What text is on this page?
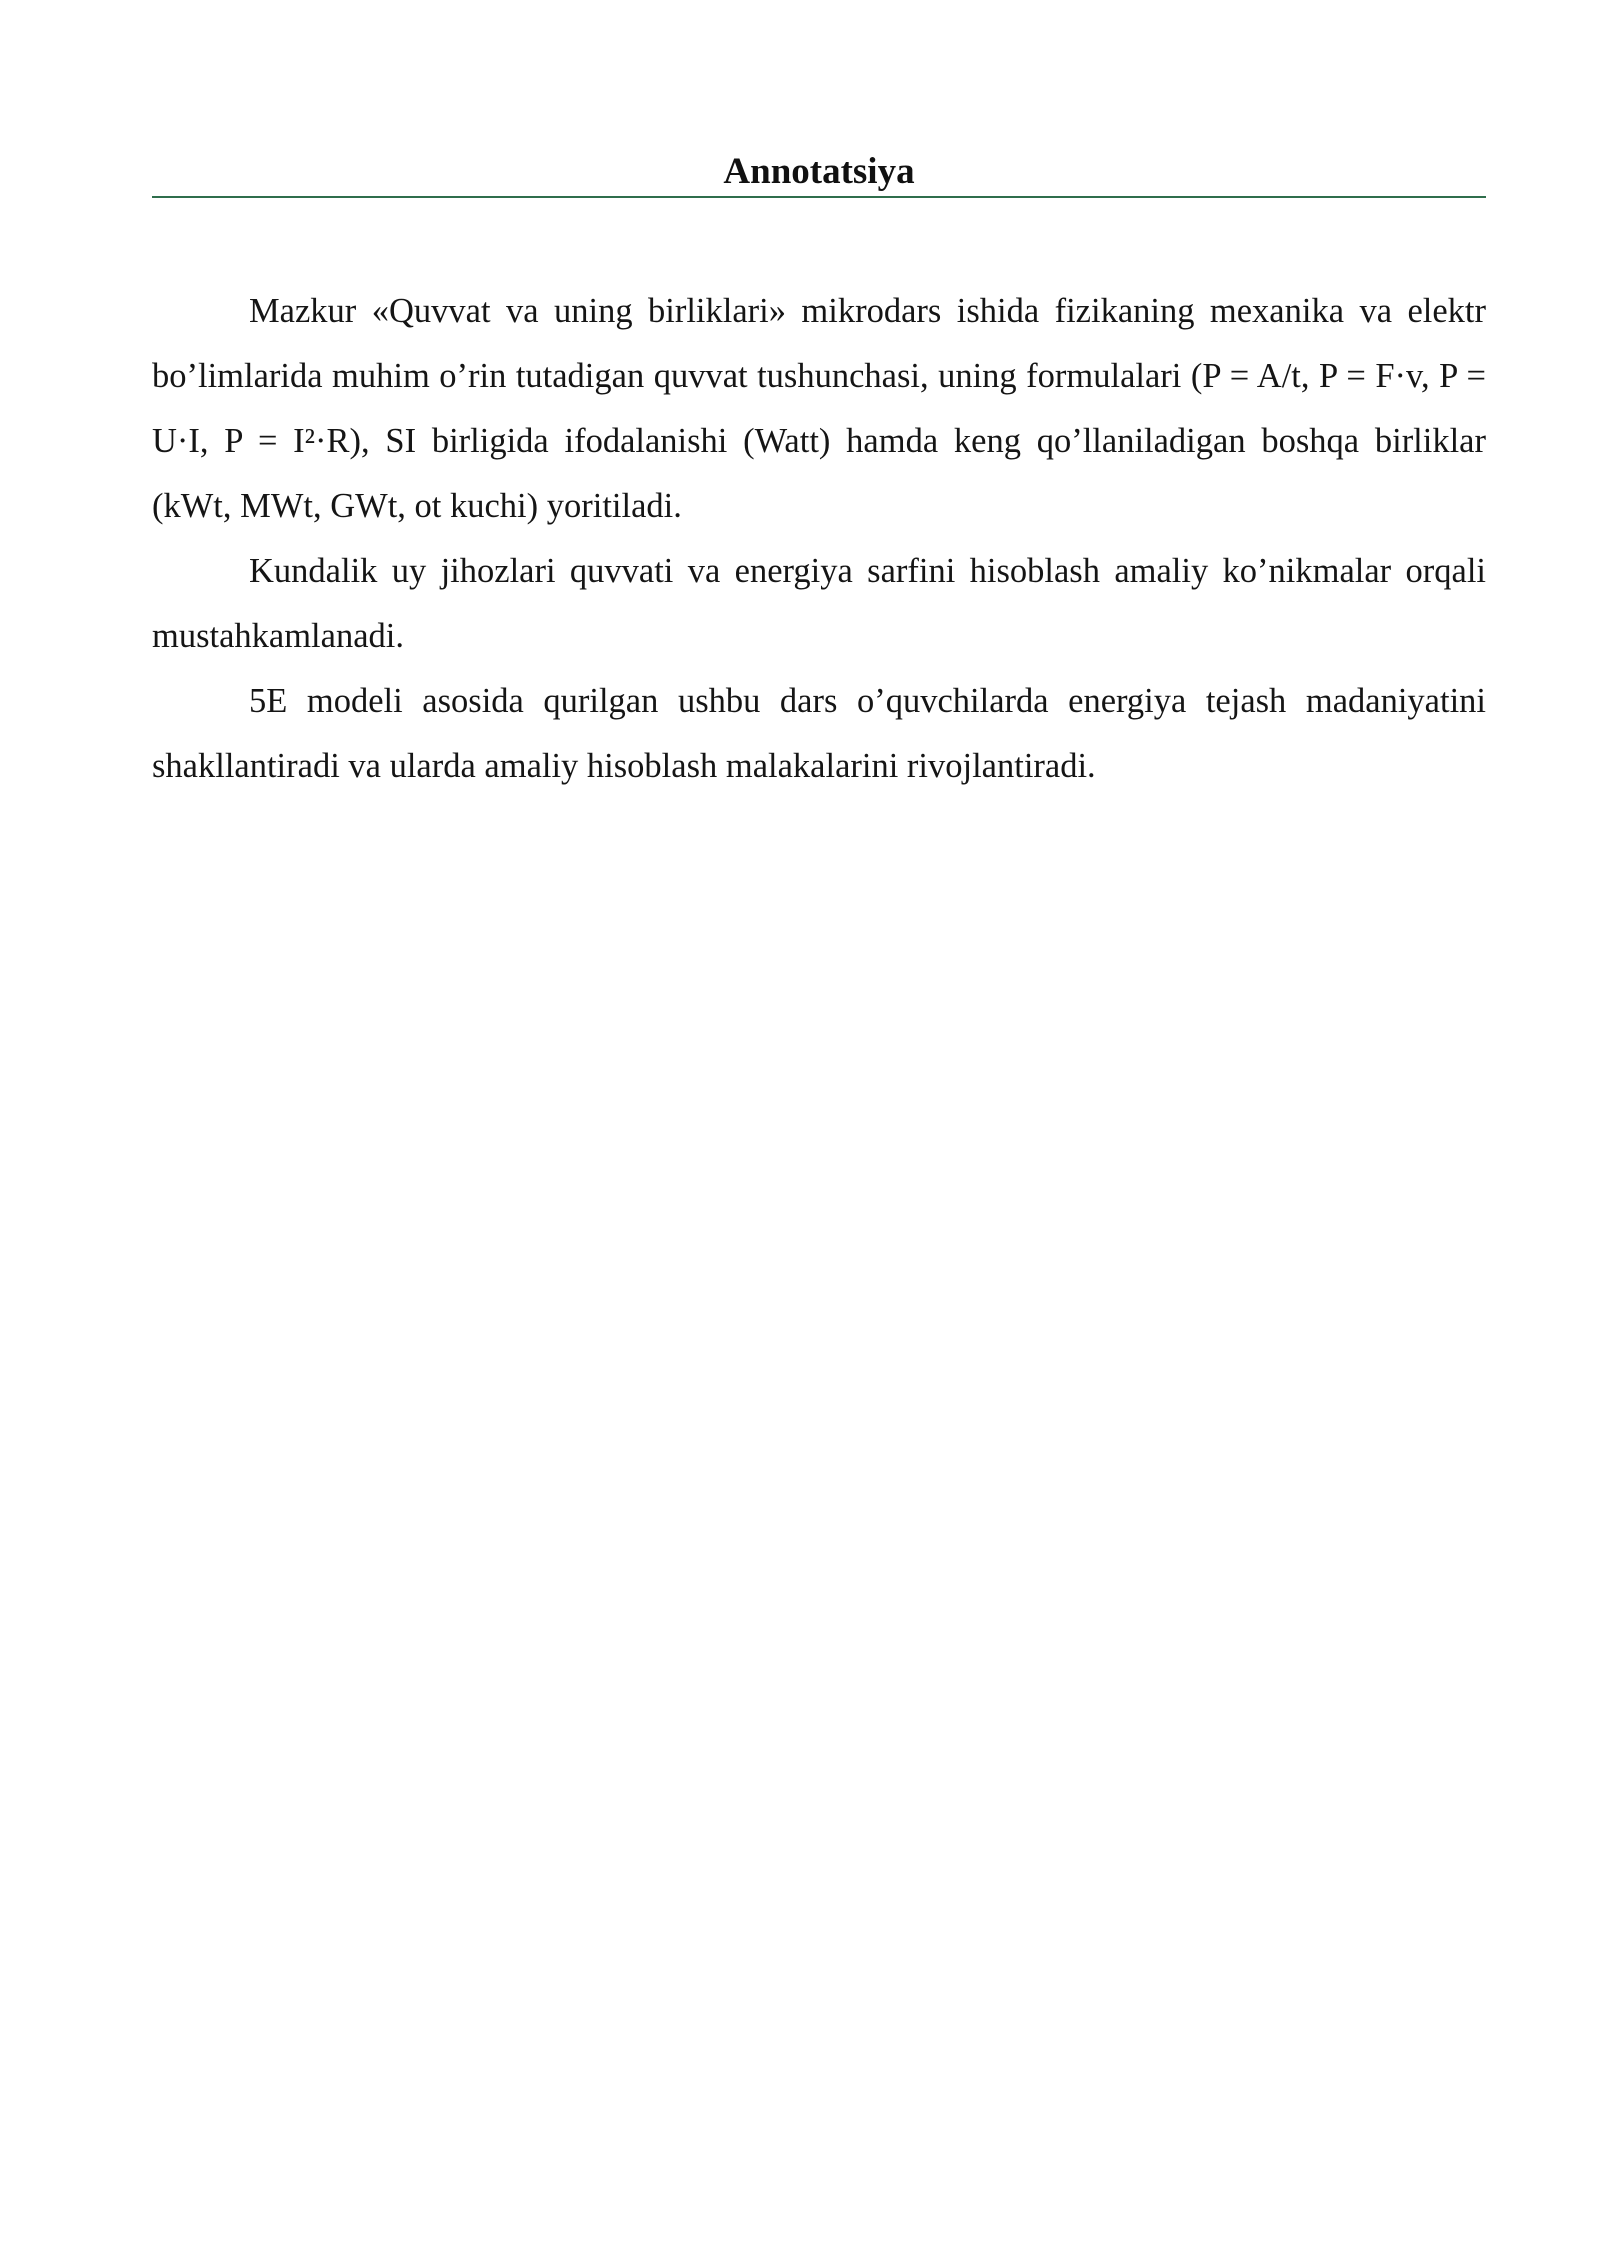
Annotatsiya

Mazkur «Quvvat va uning birliklari» mikrodars ishida fizikaning mexanika va elektr bo’limlarida muhim o’rin tutadigan quvvat tushunchasi, uning formulalari (P = A/t, P = F·v, P = U·I, P = I²·R), SI birligida ifodalanishi (Watt) hamda keng qo’llaniladigan boshqa birliklar (kWt, MWt, GWt, ot kuchi) yoritiladi.

Kundalik uy jihozlari quvvati va energiya sarfini hisoblash amaliy ko’nikmalar orqali mustahkamlanadi.

5E modeli asosida qurilgan ushbu dars o’quvchilarda energiya tejash madaniyatini shakllantiradi va ularda amaliy hisoblash malakalarini rivojlantiradi.
